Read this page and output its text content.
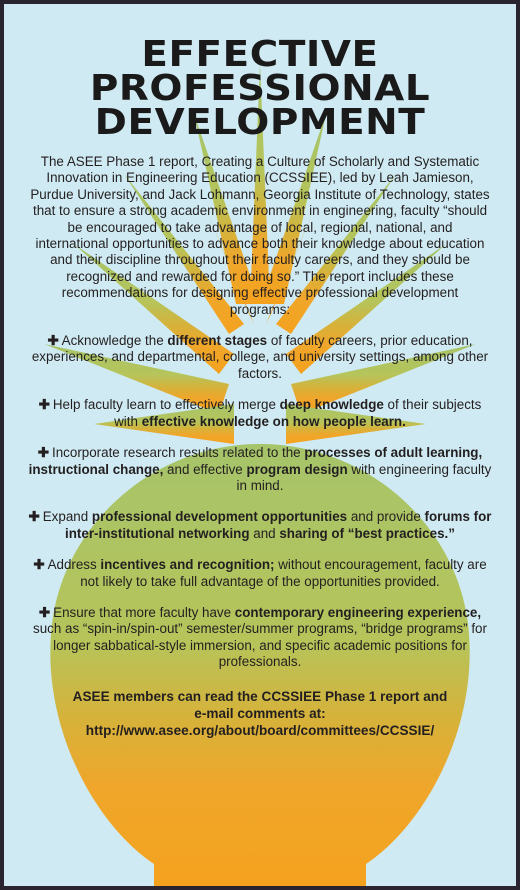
EFFECTIVE
PROFESSIONAL
DEVELOPMENT
The ASEE Phase 1 report, Creating a Culture of Scholarly and Systematic Innovation in Engineering Education (CCSSIEE), led by Leah Jamieson, Purdue University, and Jack Lohmann, Georgia Institute of Technology, states that to ensure a strong academic environment in engineering, faculty “should be encouraged to take advantage of local, regional, national, and international opportunities to advance both their knowledge about education and their discipline throughout their faculty careers, and they should be recognized and rewarded for doing so.” The report includes these recommendations for designing effective professional development programs:
✚ Acknowledge the different stages of faculty careers, prior education, experiences, and departmental, college, and university settings, among other factors.
✚ Help faculty learn to effectively merge deep knowledge of their subjects with effective knowledge on how people learn.
✚ Incorporate research results related to the processes of adult learning, instructional change, and effective program design with engineering faculty in mind.
✚ Expand professional development opportunities and provide forums for inter-institutional networking and sharing of “best practices.”
✚ Address incentives and recognition; without encouragement, faculty are not likely to take full advantage of the opportunities provided.
✚ Ensure that more faculty have contemporary engineering experience, such as “spin-in/spin-out” semester/summer programs, “bridge programs” for longer sabbatical-style immersion, and specific academic positions for professionals.
ASEE members can read the CCSSIEE Phase 1 report and
e-mail comments at:
http://www.asee.org/about/board/committees/CCSSIE/
